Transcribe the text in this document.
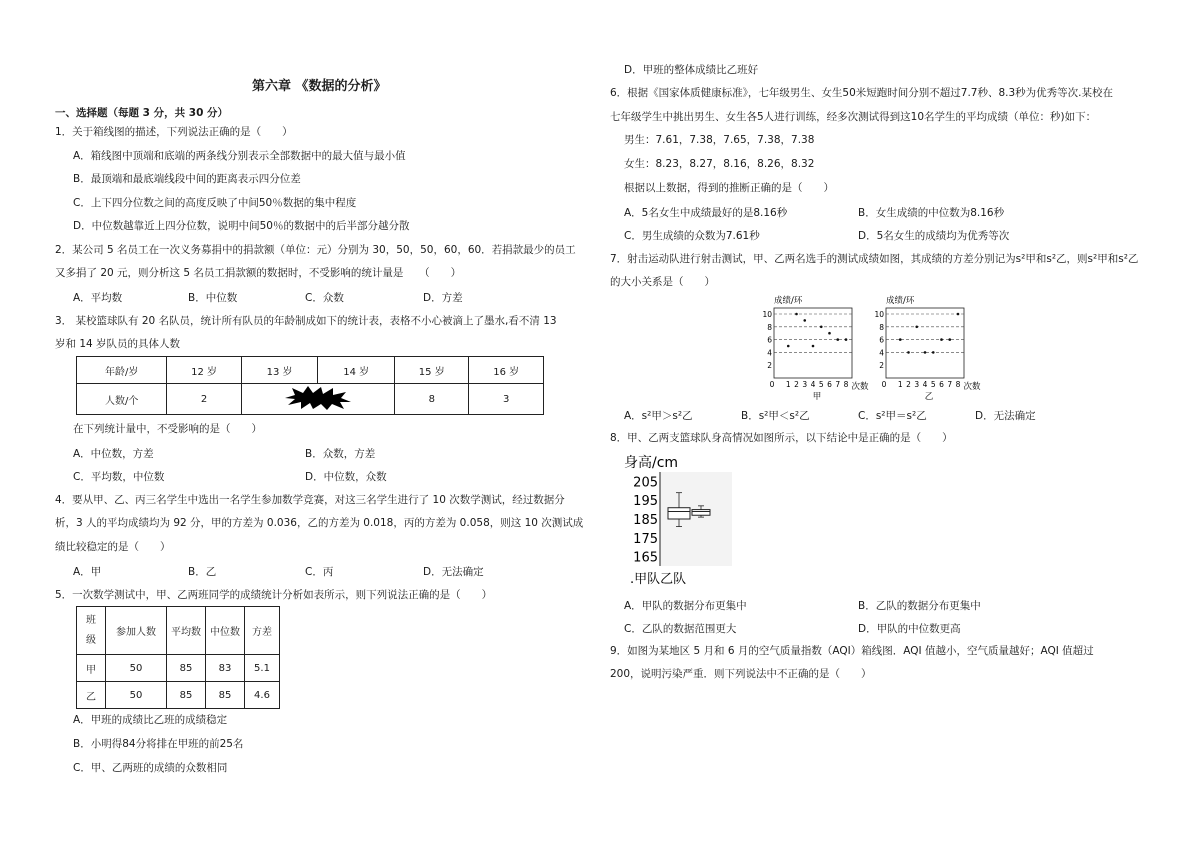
第六章 《数据的分析》
一、选择题（每题 3 分，共 30 分）
1．关于箱线图的描述，下列说法正确的是（　　）
A．箱线图中顶端和底端的两条线分别表示全部数据中的最大值与最小值
B．最顶端和最底端线段中间的距离表示四分位差
C．上下四分位数之间的高度反映了中间50％数据的集中程度
D．中位数越靠近上四分位数，说明中间50％的数据中的后半部分越分散
2．某公司 5 名员工在一次义务募捐中的捐款额（单位：元）分别为 30，50，50，60，60．若捐款最少的员工
又多捐了 20 元，则分析这 5 名员工捐款额的数据时，不受影响的统计量是　　（　　）
A．平均数	B．中位数	C．众数	D．方差
3． 某校篮球队有 20 名队员，统计所有队员的年龄制成如下的统计表，表格不小心被滴上了墨水,看不清 13
岁和 14 岁队员的具体人数
年龄/岁	12 岁	13 岁	14 岁	15 岁	16 岁
人数/个	2			8	3
在下列统计量中，不受影响的是（　　）
A．中位数，方差	B．众数，方差
C．平均数，中位数	D．中位数，众数
4．要从甲、乙、丙三名学生中选出一名学生参加数学竞赛，对这三名学生进行了 10 次数学测试，经过数据分
析，3 人的平均成绩均为 92 分，甲的方差为 0.036，乙的方差为 0.018，丙的方差为 0.058，则这 10 次测试成
绩比较稳定的是（　　）
A．甲	B．乙	C．丙	D．无法确定
5．一次数学测试中，甲、乙两班同学的成绩统计分析如表所示，则下列说法正确的是（　　）
班
级	参加人数	平均数	中位数	方差
甲	50	85	83	5.1
乙	50	85	85	4.6
A．甲班的成绩比乙班的成绩稳定
B．小明得84分将排在甲班的前25名
C．甲、乙两班的成绩的众数相同
D．甲班的整体成绩比乙班好
6．根据《国家体质健康标准》，七年级男生、女生50米短跑时间分别不超过7.7秒、8.3秒为优秀等次.某校在
七年级学生中挑出男生、女生各5人进行训练，经多次测试得到这10名学生的平均成绩（单位：秒)如下：
男生：7.61，7.38，7.65，7.38，7.38
女生：8.23，8.27，8.16，8.26，8.32
根据以上数据，得到的推断正确的是（　　）
A．5名女生中成绩最好的是8.16秒	B．女生成绩的中位数为8.16秒
C．男生成绩的众数为7.61秒	D．5名女生的成绩均为优秀等次
7．射击运动队进行射击测试，甲、乙两名选手的测试成绩如图，其成绩的方差分别记为s²甲和s²乙，则s²甲和s²乙
的大小关系是（　　）
成绩/环
次数
甲
2
4
6
8
10
0 1 2 3 4 5 6 7 8
成绩/环
次数
乙
2
4
6
8
10
0 1 2 3 4 5 6 7 8
A．s²甲＞s²乙	B．s²甲＜s²乙	C．s²甲＝s²乙	D．无法确定
8．甲、乙两支篮球队身高情况如图所示，以下结论中是正确的是（　　）
身高/cm
.甲队乙队
165
175
185
195
205
A．甲队的数据分布更集中	B．乙队的数据分布更集中
C．乙队的数据范围更大	D．甲队的中位数更高
9．如图为某地区 5 月和 6 月的空气质量指数（AQI）箱线图．AQI 值越小，空气质量越好；AQI 值超过
200，说明污染严重．则下列说法中不正确的是（　　）
